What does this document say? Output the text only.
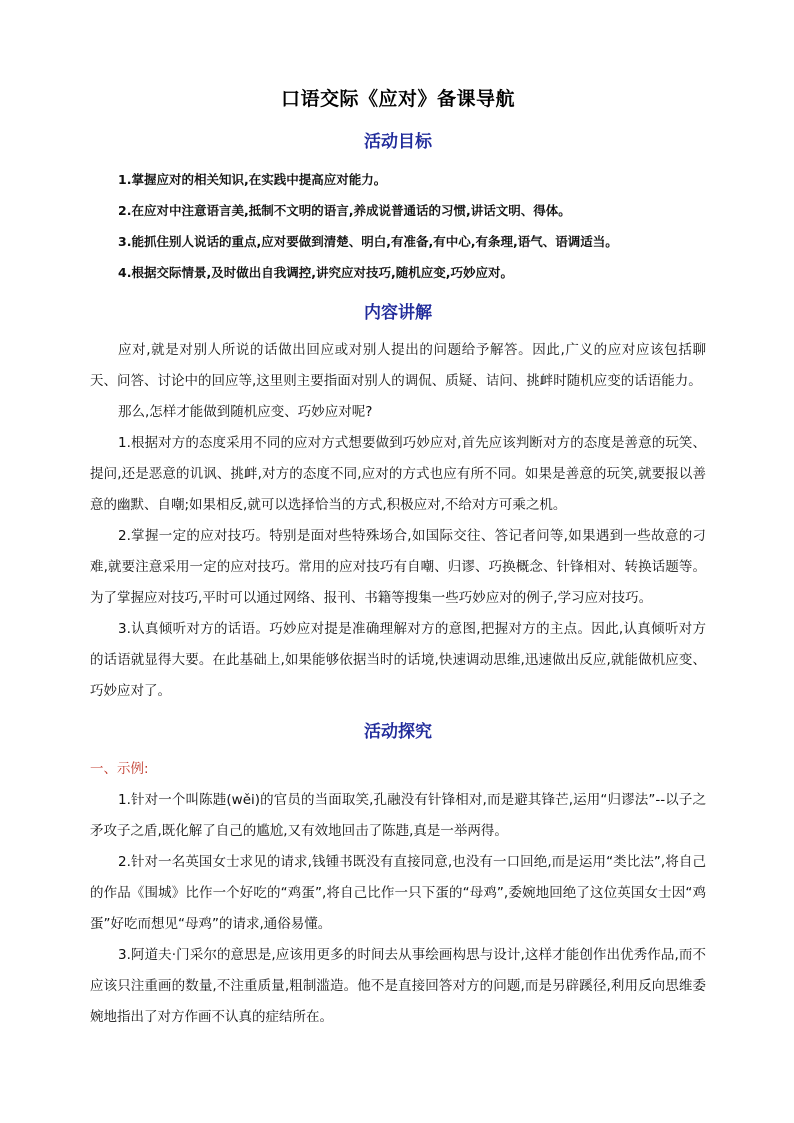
口语交际《应对》备课导航
活动目标
1.掌握应对的相关知识,在实践中提高应对能力。
2.在应对中注意语言美,抵制不文明的语言,养成说普通话的习惯,讲话文明、得体。
3.能抓住别人说话的重点,应对要做到清楚、明白,有准备,有中心,有条理,语气、语调适当。
4.根据交际情景,及时做出自我调控,讲究应对技巧,随机应变,巧妙应对。
内容讲解

应对,就是对别人所说的话做出回应或对别人提出的问题给予解答。因此,广义的应对应该包括聊天、问答、讨论中的回应等,这里则主要指面对别人的调侃、质疑、诘问、挑衅时随机应变的话语能力。

那么,怎样才能做到随机应变、巧妙应对呢?

1.根据对方的态度采用不同的应对方式想要做到巧妙应对,首先应该判断对方的态度是善意的玩笑、提问,还是恶意的讥讽、挑衅,对方的态度不同,应对的方式也应有所不同。如果是善意的玩笑,就要报以善意的幽默、自嘲;如果相反,就可以选择恰当的方式,积极应对,不给对方可乘之机。

2.掌握一定的应对技巧。特别是面对些特殊场合,如国际交往、答记者问等,如果遇到一些故意的刁难,就要注意采用一定的应对技巧。常用的应对技巧有自嘲、归谬、巧换概念、针锋相对、转换话题等。为了掌握应对技巧,平时可以通过网络、报刊、书籍等搜集一些巧妙应对的例子,学习应对技巧。

3.认真倾听对方的话语。巧妙应对提是准确理解对方的意图,把握对方的主点。因此,认真倾听对方的话语就显得大要。在此基础上,如果能够依据当时的话境,快速调动思维,迅速做出反应,就能做机应变、巧妙应对了。

活动探究

一、示例:

1.针对一个叫陈韪(wěi)的官员的当面取笑,孔融没有针锋相对,而是避其锋芒,运用“归谬法”--以子之矛攻子之盾,既化解了自己的尴尬,又有效地回击了陈韪,真是一举两得。

2.针对一名英国女士求见的请求,钱锺书既没有直接同意,也没有一口回绝,而是运用“类比法”,将自己的作品《围城》比作一个好吃的“鸡蛋”,将自己比作一只下蛋的“母鸡”,委婉地回绝了这位英国女士因“鸡蛋”好吃而想见“母鸡”的请求,通俗易懂。

3.阿道夫·门采尔的意思是,应该用更多的时间去从事绘画构思与设计,这样才能创作出优秀作品,而不应该只注重画的数量,不注重质量,粗制滥造。他不是直接回答对方的问题,而是另辟蹊径,利用反向思维委婉地指出了对方作画不认真的症结所在。
